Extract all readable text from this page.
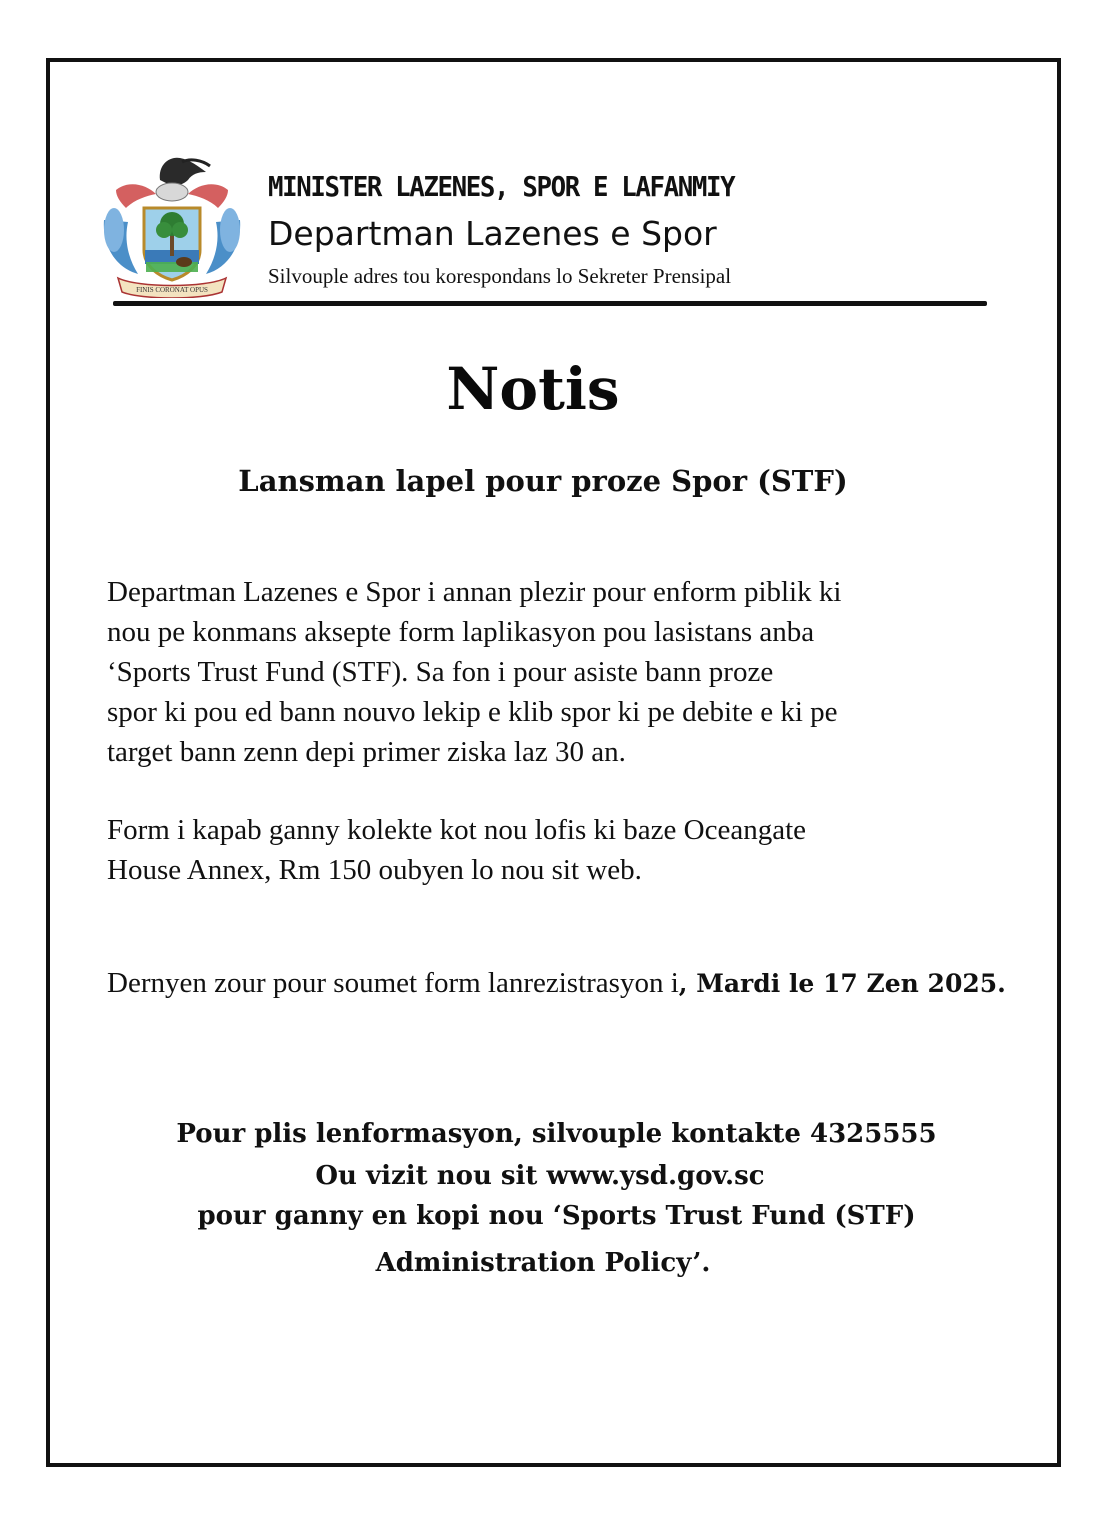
FINIS CORONAT OPUS
MINISTER LAZENES, SPOR E LAFANMIY
Departman Lazenes e Spor
Silvouple adres tou korespondans lo Sekreter Prensipal
Notis
Lansman lapel pour proze Spor (STF)
Departman Lazenes e Spor i annan plezir pour enform piblik ki
nou pe konmans aksepte form laplikasyon pou lasistans anba
‘Sports Trust Fund (STF). Sa fon i pour asiste bann proze
spor ki pou ed bann nouvo lekip e klib spor ki pe debite e ki pe
target bann zenn depi primer ziska laz 30 an.
Form i kapab ganny kolekte kot nou lofis ki baze Oceangate
House Annex, Rm 150 oubyen lo nou sit web.
Dernyen zour pour soumet form lanrezistrasyon i, Mardi le 17 Zen 2025.
Pour plis lenformasyon, silvouple kontakte 4325555
Ou vizit nou sit www.ysd.gov.sc
pour ganny en kopi nou ‘Sports Trust Fund (STF)
Administration Policy’.
